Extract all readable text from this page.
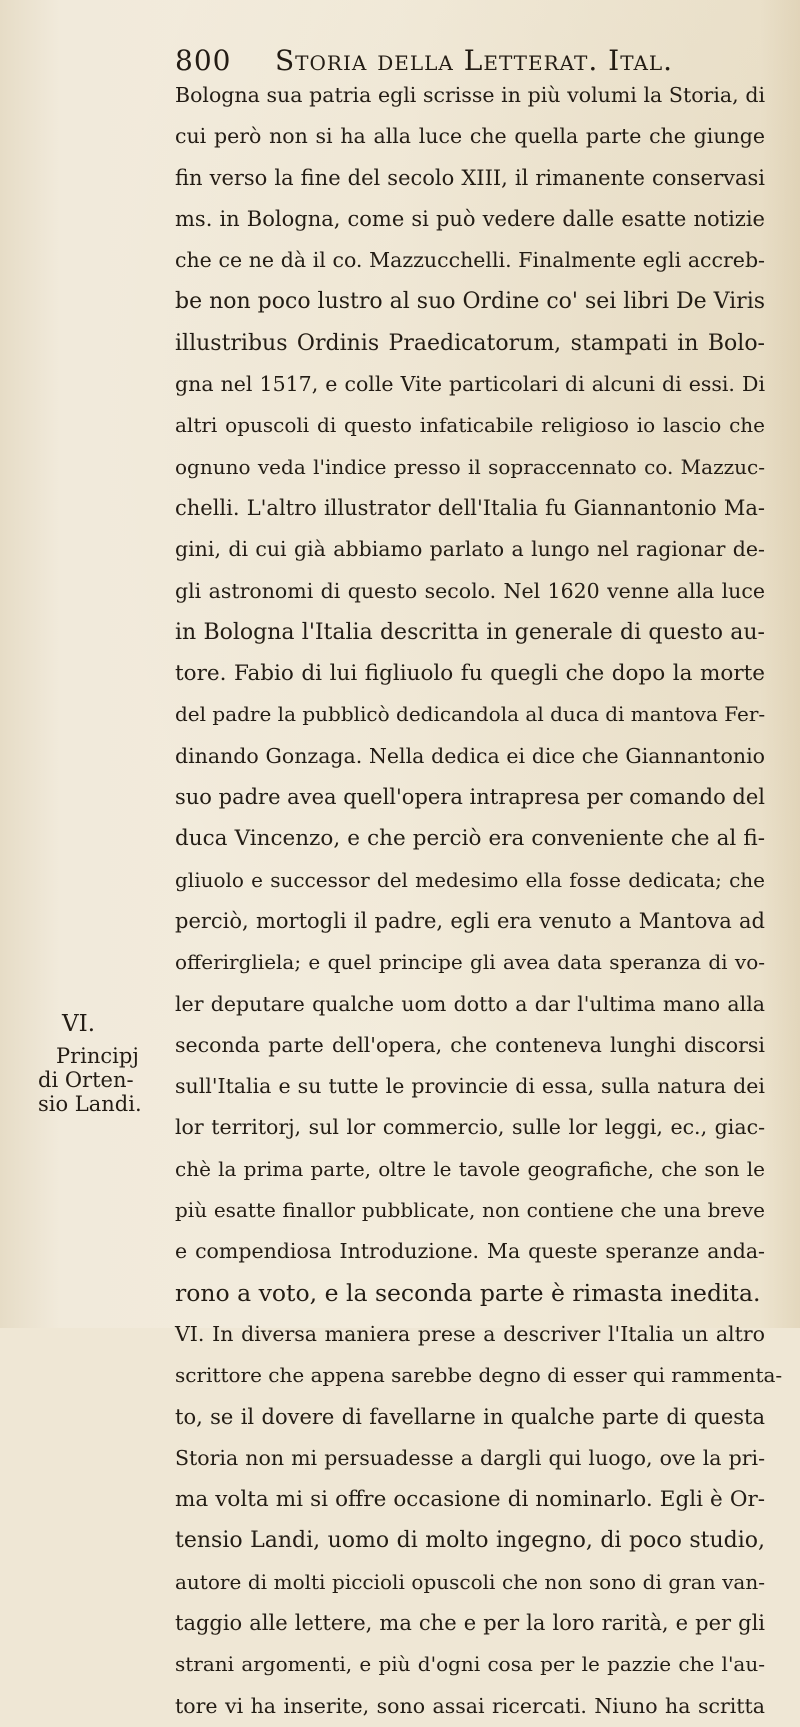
800 Storia della Letterat. Ital.
Bologna sua patria egli scrisse in più volumi la Storia, di
cui però non si ha alla luce che quella parte che giunge
fin verso la fine del secolo XIII, il rimanente conservasi
ms. in Bologna, come si può vedere dalle esatte notizie
che ce ne dà il co. Mazzucchelli. Finalmente egli accreb-
be non poco lustro al suo Ordine co' sei libri De Viris
illustribus Ordinis Praedicatorum, stampati in Bolo-
gna nel 1517, e colle Vite particolari di alcuni di essi. Di
altri opuscoli di questo infaticabile religioso io lascio che
ognuno veda l'indice presso il sopraccennato co. Mazzuc-
chelli. L'altro illustrator dell'Italia fu Giannantonio Ma-
gini, di cui già abbiamo parlato a lungo nel ragionar de-
gli astronomi di questo secolo. Nel 1620 venne alla luce
in Bologna l'Italia descritta in generale di questo au-
tore. Fabio di lui figliuolo fu quegli che dopo la morte
del padre la pubblicò dedicandola al duca di mantova Fer-
dinando Gonzaga. Nella dedica ei dice che Giannantonio
suo padre avea quell'opera intrapresa per comando del
duca Vincenzo, e che perciò era conveniente che al fi-
gliuolo e successor del medesimo ella fosse dedicata; che
perciò, mortogli il padre, egli era venuto a Mantova ad
offerirgliela; e quel principe gli avea data speranza di vo-
ler deputare qualche uom dotto a dar l'ultima mano alla
seconda parte dell'opera, che conteneva lunghi discorsi
sull'Italia e su tutte le provincie di essa, sulla natura dei
lor territorj, sul lor commercio, sulle lor leggi, ec., giac-
chè la prima parte, oltre le tavole geografiche, che son le
più esatte finallor pubblicate, non contiene che una breve
e compendiosa Introduzione. Ma queste speranze anda-
rono a voto, e la seconda parte è rimasta inedita.
VI. In diversa maniera prese a descriver l'Italia un altro
scrittore che appena sarebbe degno di esser qui rammenta-
to, se il dovere di favellarne in qualche parte di questa
Storia non mi persuadesse a dargli qui luogo, ove la pri-
ma volta mi si offre occasione di nominarlo. Egli è Or-
tensio Landi, uomo di molto ingegno, di poco studio,
autore di molti piccioli opuscoli che non sono di gran van-
taggio alle lettere, ma che e per la loro rarità, e per gli
strani argomenti, e più d'ogni cosa per le pazzie che l'au-
tore vi ha inserite, sono assai ricercati. Niuno ha scritta
VI.
Principj
di Orten-
sio Landi.
